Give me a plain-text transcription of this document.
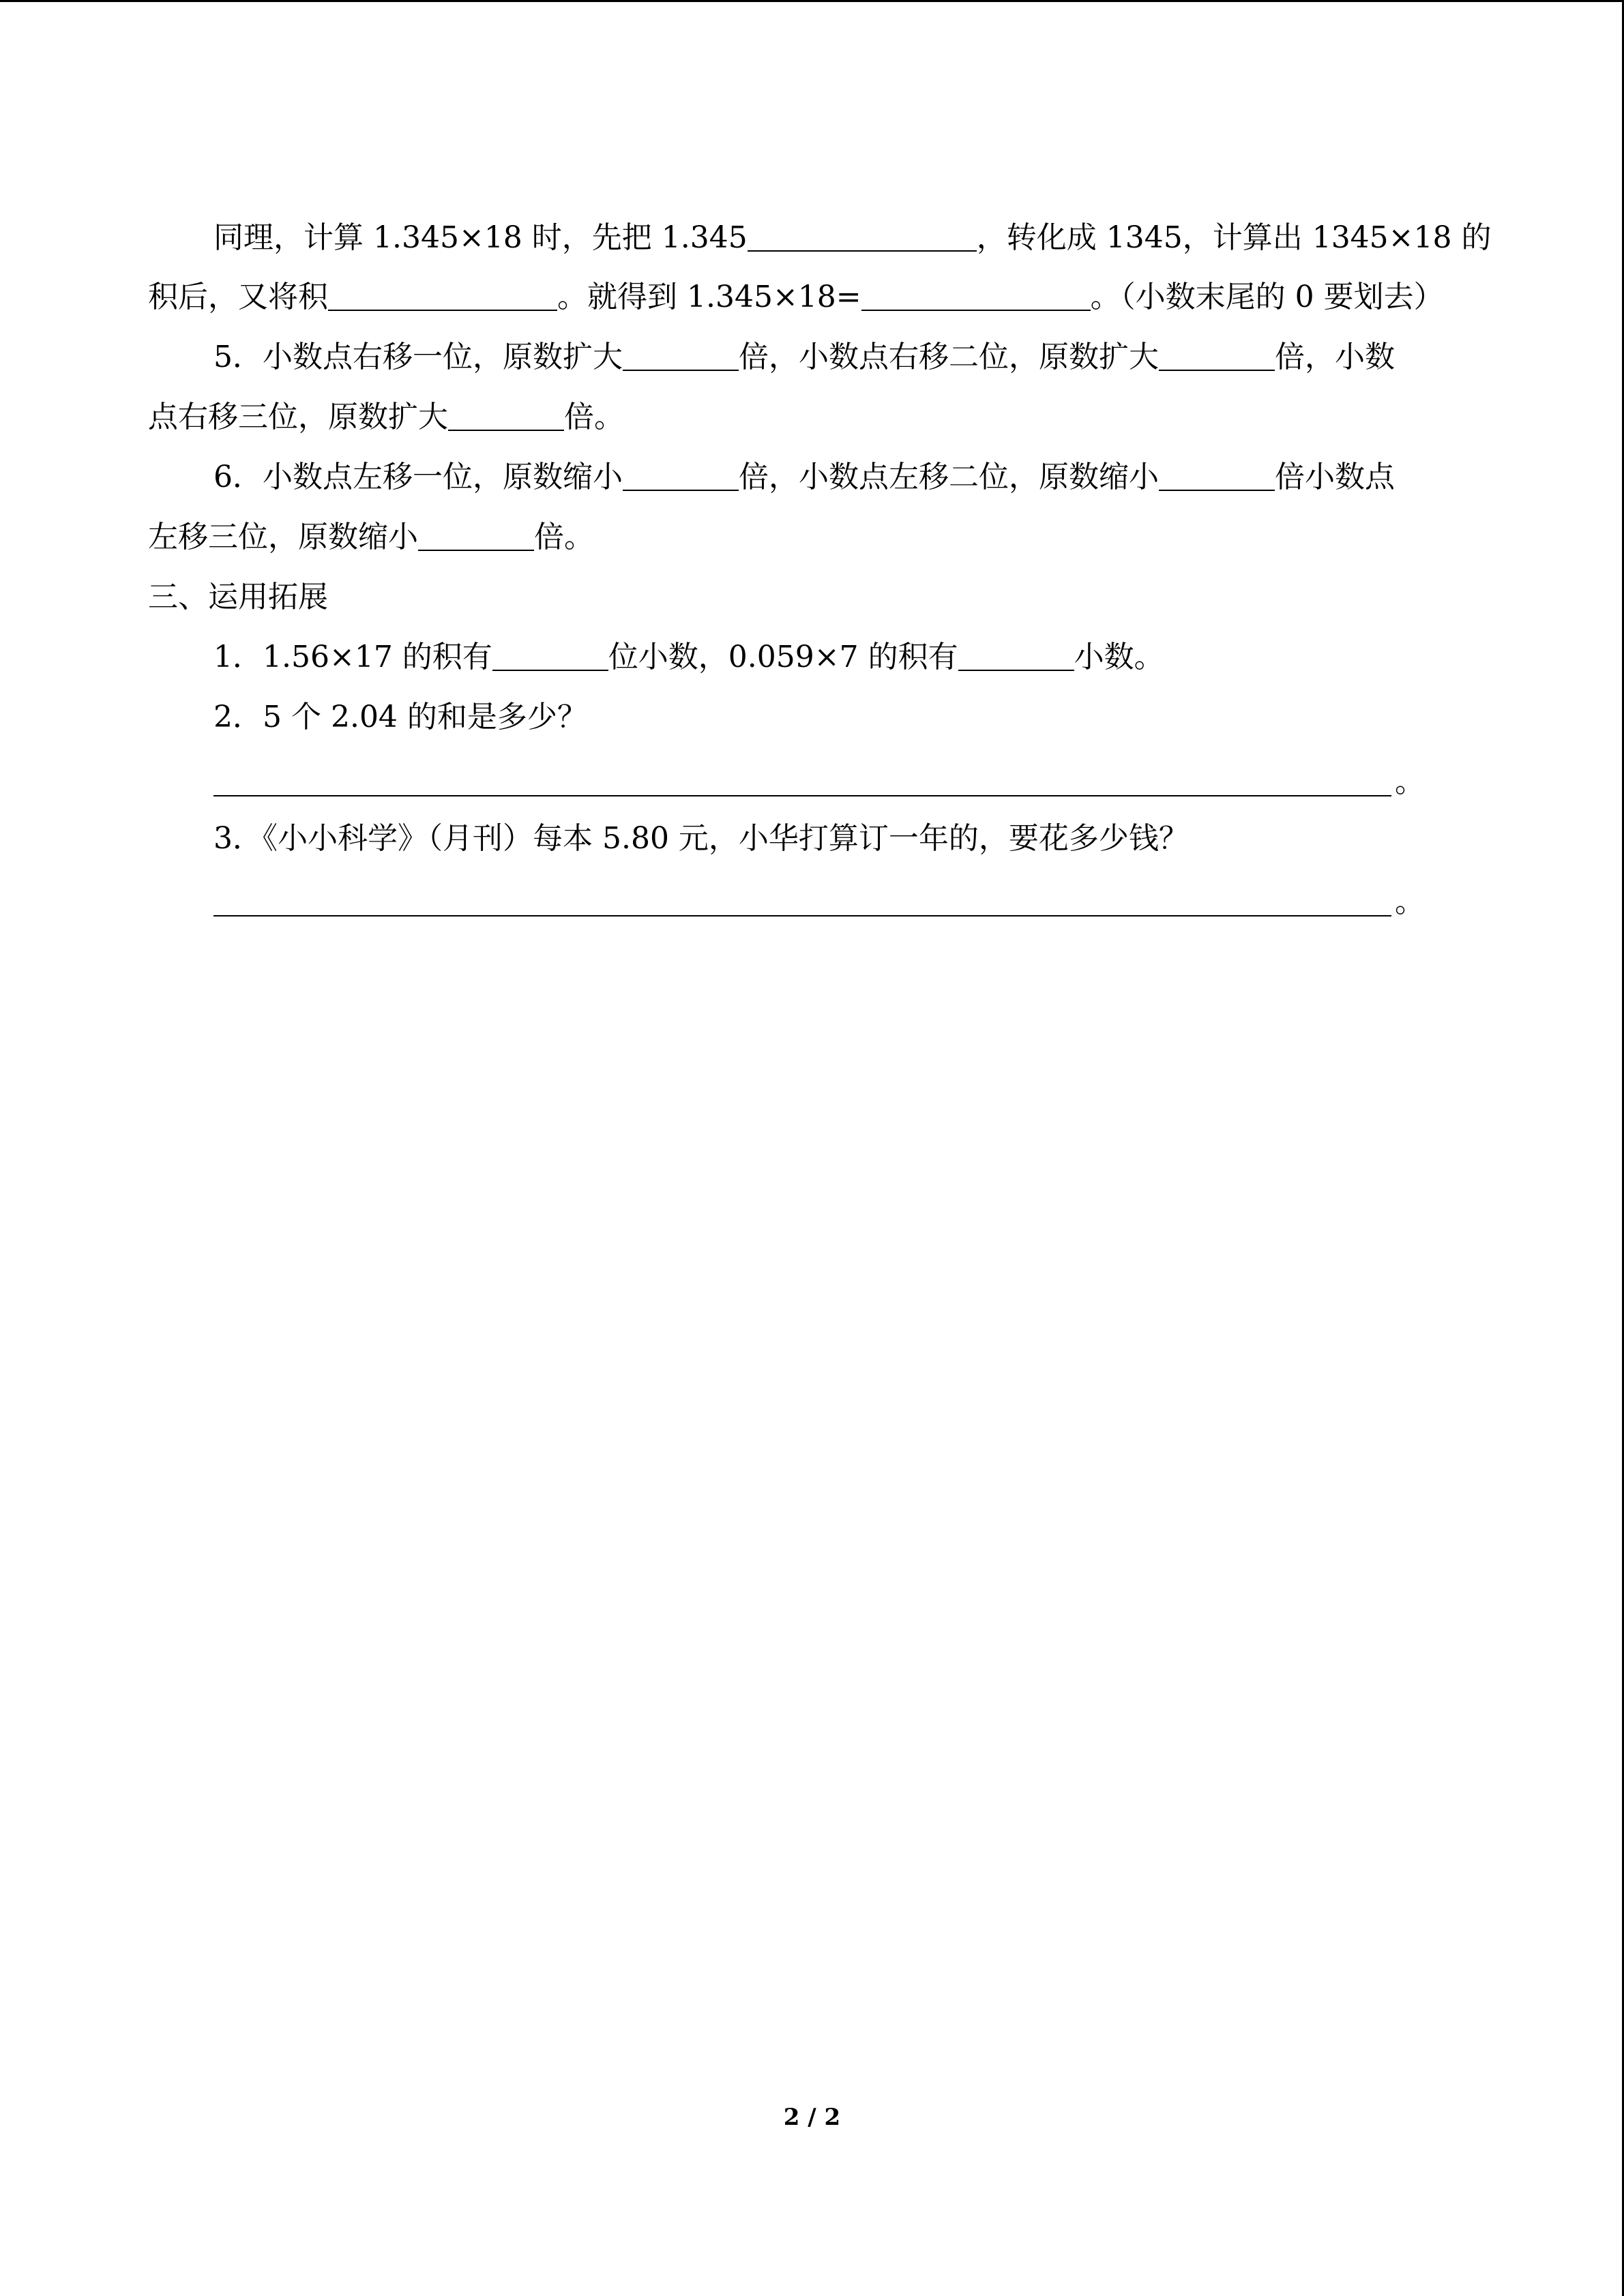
同理，计算 1.345×18 时，先把 1.345	，转化成 1345，计算出 1345×18 的
积后，又将积	。就得到 1.345×18=	。（小数末尾的 0 要划去）
5．小数点右移一位，原数扩大	倍，小数点右移二位，原数扩大	倍，小数
点右移三位，原数扩大	倍。
6．小数点左移一位，原数缩小	倍，小数点左移二位，原数缩小	倍小数点
左移三位，原数缩小	倍。
三、运用拓展
1．1.56×17 的积有	位小数，0.059×7 的积有	小数。
2．5 个 2.04 的和是多少？
。
3．《小小科学》（月刊）每本 5.80 元，小华打算订一年的，要花多少钱？
。
2 / 2
